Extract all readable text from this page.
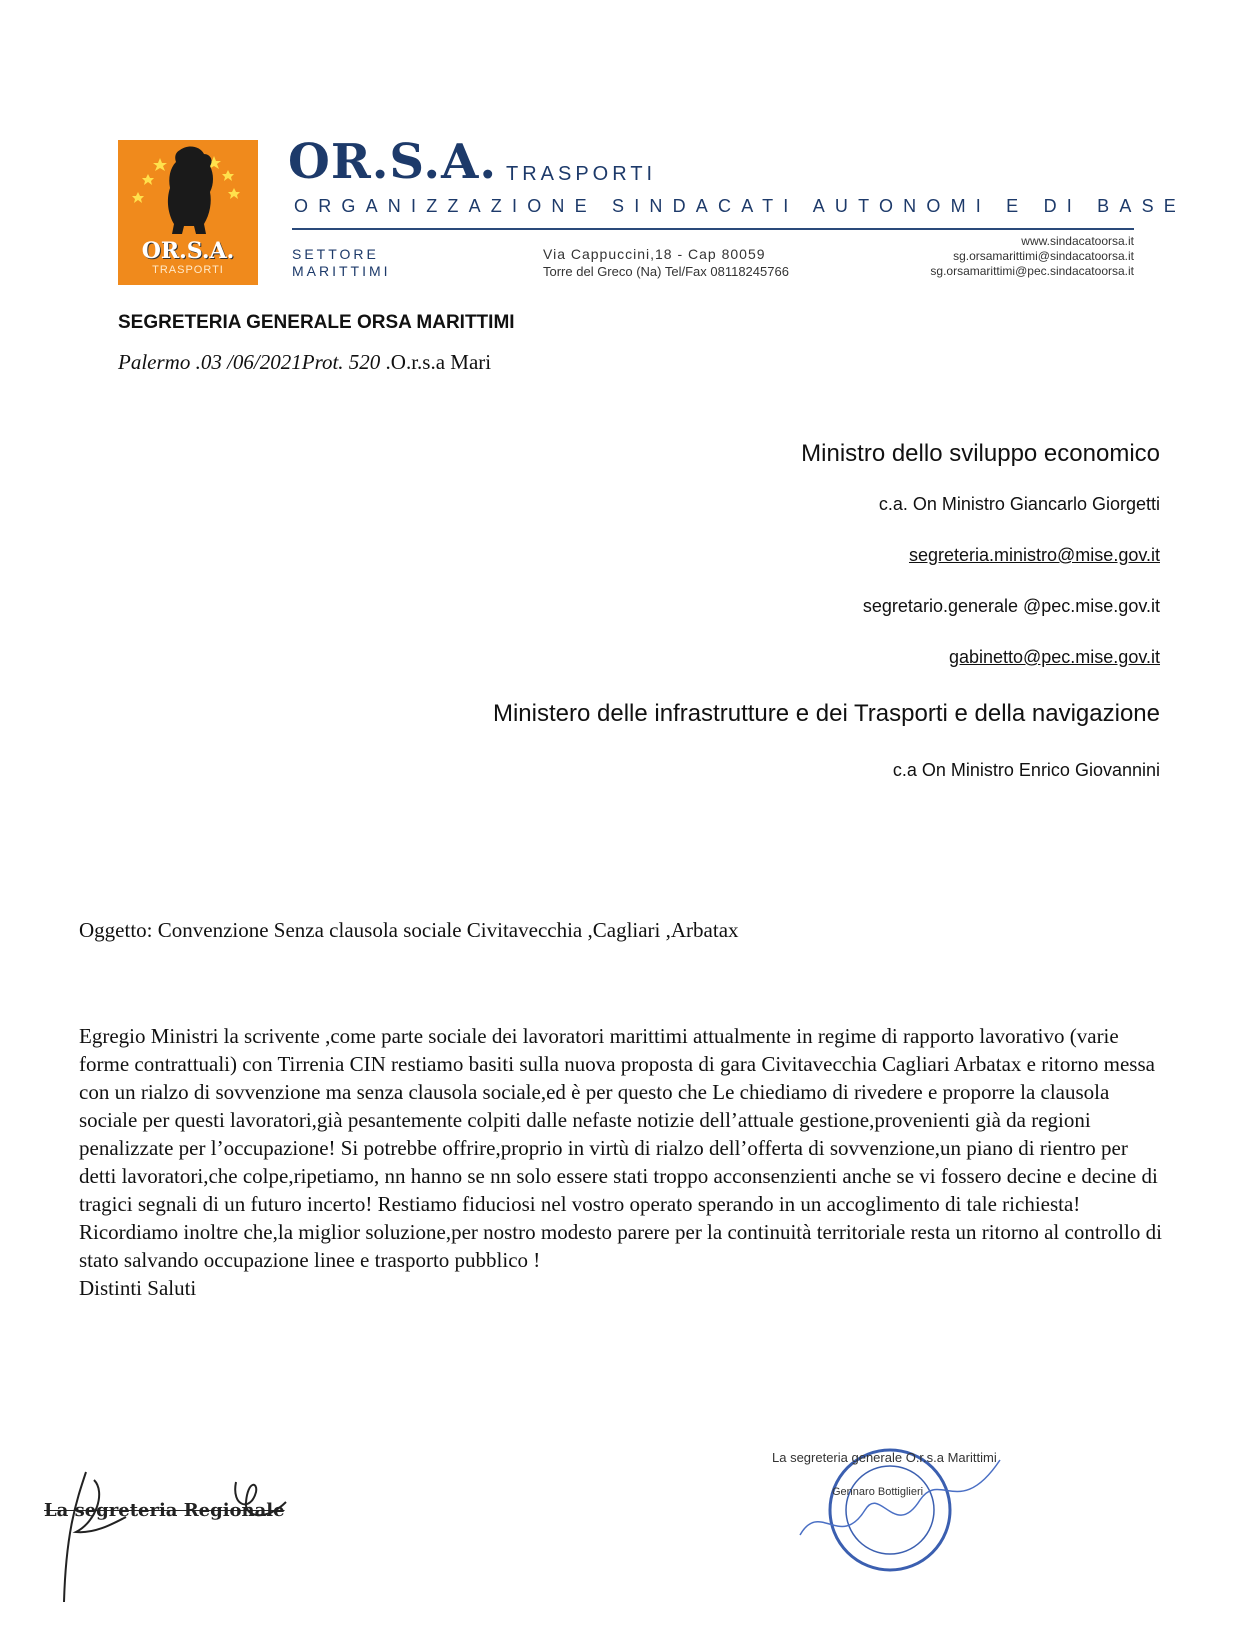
OR.S.A.
TRASPORTI
OR.S.A. TRASPORTI
ORGANIZZAZIONE SINDACATI AUTONOMI E DI BASE
SETTORE
MARITTIMI
Via Cappuccini,18 - Cap 80059
Torre del Greco (Na) Tel/Fax 08118245766
www.sindacatoorsa.it
sg.orsamarittimi@sindacatoorsa.it
sg.orsamarittimi@pec.sindacatoorsa.it
SEGRETERIA GENERALE ORSA MARITTIMI
Palermo .03 /06/2021Prot. 520 .O.r.s.a Mari
Ministro dello sviluppo economico
c.a. On Ministro Giancarlo Giorgetti
segreteria.ministro@mise.gov.it
segretario.generale @pec.mise.gov.it
gabinetto@pec.mise.gov.it
Ministero delle infrastrutture e dei Trasporti e della navigazione
c.a On Ministro Enrico Giovannini
Oggetto: Convenzione Senza clausola sociale Civitavecchia ,Cagliari ,Arbatax

Egregio Ministri la scrivente ,come parte sociale dei lavoratori marittimi attualmente in regime di rapporto lavorativo (varie forme contrattuali) con Tirrenia CIN restiamo basiti sulla nuova proposta di gara Civitavecchia Cagliari Arbatax e ritorno messa con un rialzo di sovvenzione ma senza clausola sociale,ed è per questo che Le chiediamo di rivedere e proporre la clausola sociale per questi lavoratori,già pesantemente colpiti dalle nefaste notizie dell’attuale gestione,provenienti già da regioni penalizzate per l’occupazione! Si potrebbe offrire,proprio in virtù di rialzo dell’offerta di sovvenzione,un piano di rientro per detti lavoratori,che colpe,ripetiamo, nn hanno se nn solo essere stati troppo acconsenzienti anche se vi fossero decine e decine di tragici segnali di un futuro incerto! Restiamo fiduciosi nel vostro operato sperando in un accoglimento di tale richiesta! Ricordiamo inoltre che,la miglior soluzione,per nostro modesto parere per la continuità territoriale resta un ritorno al controllo di stato salvando occupazione linee e trasporto pubblico !

Distinti Saluti

La segreteria Regionale
La segreteria generale O.r.s.a Marittimi
Gennaro Bottiglieri
